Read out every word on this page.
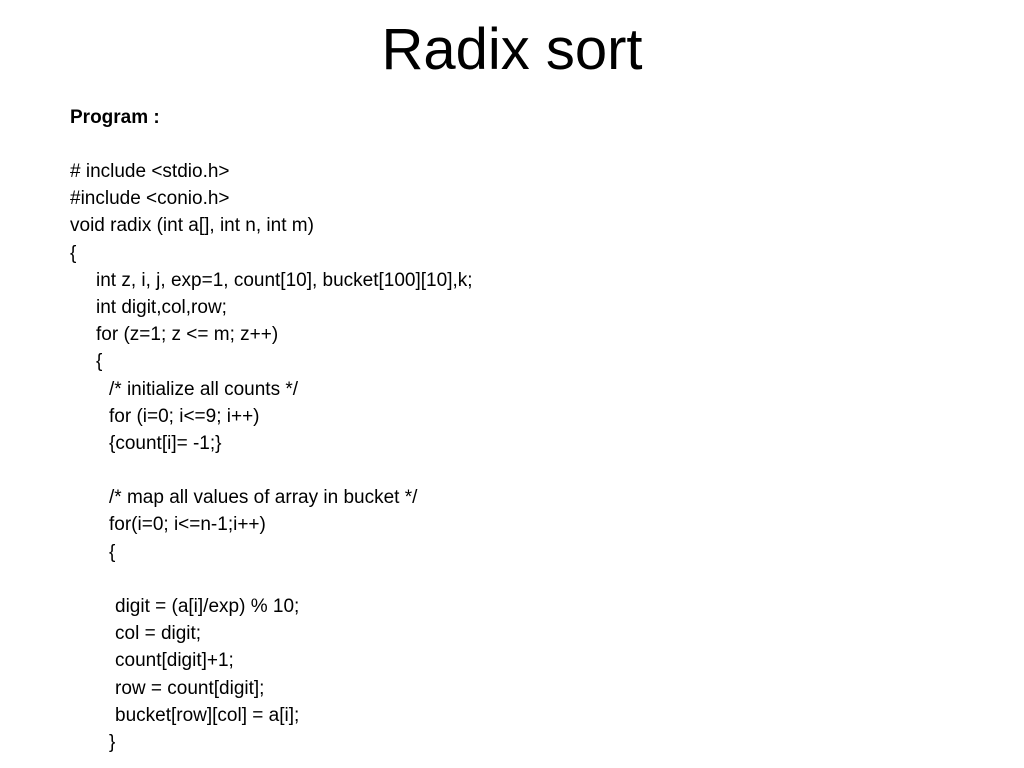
Radix sort

Program :

# include <stdio.h>
#include <conio.h>
void radix (int a[], int n, int m)
{
int z, i, j, exp=1, count[10], bucket[100][10],k;
int digit,col,row;
for (z=1; z <= m; z++)
{
/* initialize all counts */
for (i=0; i<=9; i++)
{count[i]= -1;}
/* map all values of array in bucket */
for(i=0; i<=n-1;i++)
{
digit = (a[i]/exp) % 10;
col = digit;
count[digit]+1;
row = count[digit];
bucket[row][col] = a[i];
}
